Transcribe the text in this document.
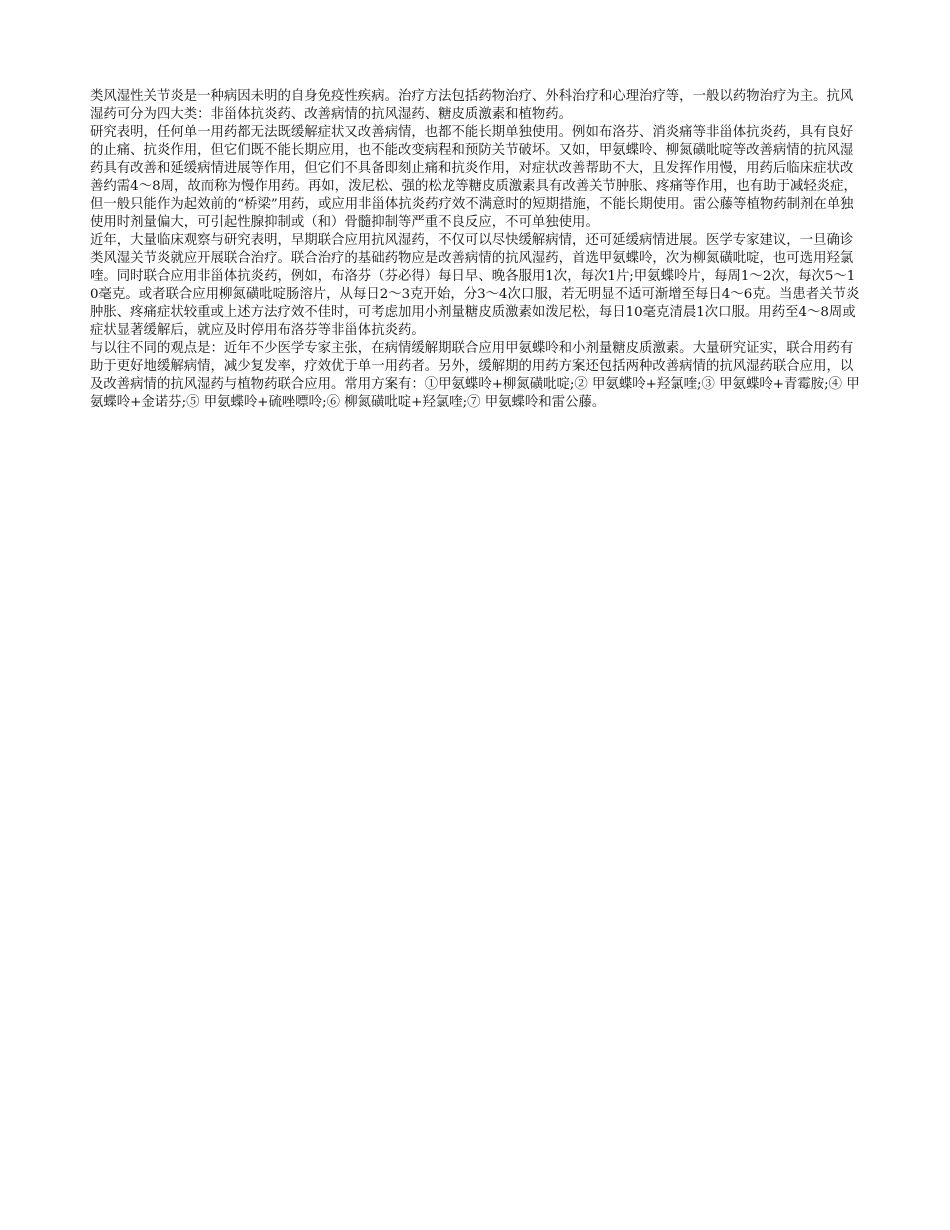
类风湿性关节炎是一种病因未明的自身免疫性疾病。治疗方法包括药物治疗、外科治疗和心理治疗等，一般以药物治疗为主。抗风湿药可分为四大类：非甾体抗炎药、改善病情的抗风湿药、糖皮质激素和植物药。

研究表明，任何单一用药都无法既缓解症状又改善病情，也都不能长期单独使用。例如布洛芬、消炎痛等非甾体抗炎药，具有良好的止痛、抗炎作用，但它们既不能长期应用，也不能改变病程和预防关节破坏。又如，甲氨蝶呤、柳氮磺吡啶等改善病情的抗风湿药具有改善和延缓病情进展等作用，但它们不具备即刻止痛和抗炎作用，对症状改善帮助不大，且发挥作用慢，用药后临床症状改善约需4～8周，故而称为慢作用药。再如，泼尼松、强的松龙等糖皮质激素具有改善关节肿胀、疼痛等作用，也有助于减轻炎症，但一般只能作为起效前的“桥梁”用药，或应用非甾体抗炎药疗效不满意时的短期措施，不能长期使用。雷公藤等植物药制剂在单独使用时剂量偏大，可引起性腺抑制或（和）骨髓抑制等严重不良反应，不可单独使用。

近年，大量临床观察与研究表明，早期联合应用抗风湿药，不仅可以尽快缓解病情，还可延缓病情进展。医学专家建议，一旦确诊类风湿关节炎就应开展联合治疗。联合治疗的基础药物应是改善病情的抗风湿药，首选甲氨蝶呤，次为柳氮磺吡啶，也可选用羟氯喹。同时联合应用非甾体抗炎药，例如，布洛芬（芬必得）每日早、晚各服用1次，每次1片;甲氨蝶呤片，每周1～2次，每次5～10毫克。或者联合应用柳氮磺吡啶肠溶片，从每日2～3克开始，分3～4次口服，若无明显不适可渐增至每日4～6克。当患者关节炎肿胀、疼痛症状较重或上述方法疗效不佳时，可考虑加用小剂量糖皮质激素如泼尼松，每日10毫克清晨1次口服。用药至4～8周或症状显著缓解后，就应及时停用布洛芬等非甾体抗炎药。

与以往不同的观点是：近年不少医学专家主张，在病情缓解期联合应用甲氨蝶呤和小剂量糖皮质激素。大量研究证实，联合用药有助于更好地缓解病情，减少复发率，疗效优于单一用药者。另外，缓解期的用药方案还包括两种改善病情的抗风湿药联合应用，以及改善病情的抗风湿药与植物药联合应用。常用方案有：①甲氨蝶呤+柳氮磺吡啶;② 甲氨蝶呤+羟氯喹;③ 甲氨蝶呤+青霉胺;④ 甲氨蝶呤+金诺芬;⑤ 甲氨蝶呤+硫唑嘌呤;⑥ 柳氮磺吡啶+羟氯喹;⑦ 甲氨蝶呤和雷公藤。
